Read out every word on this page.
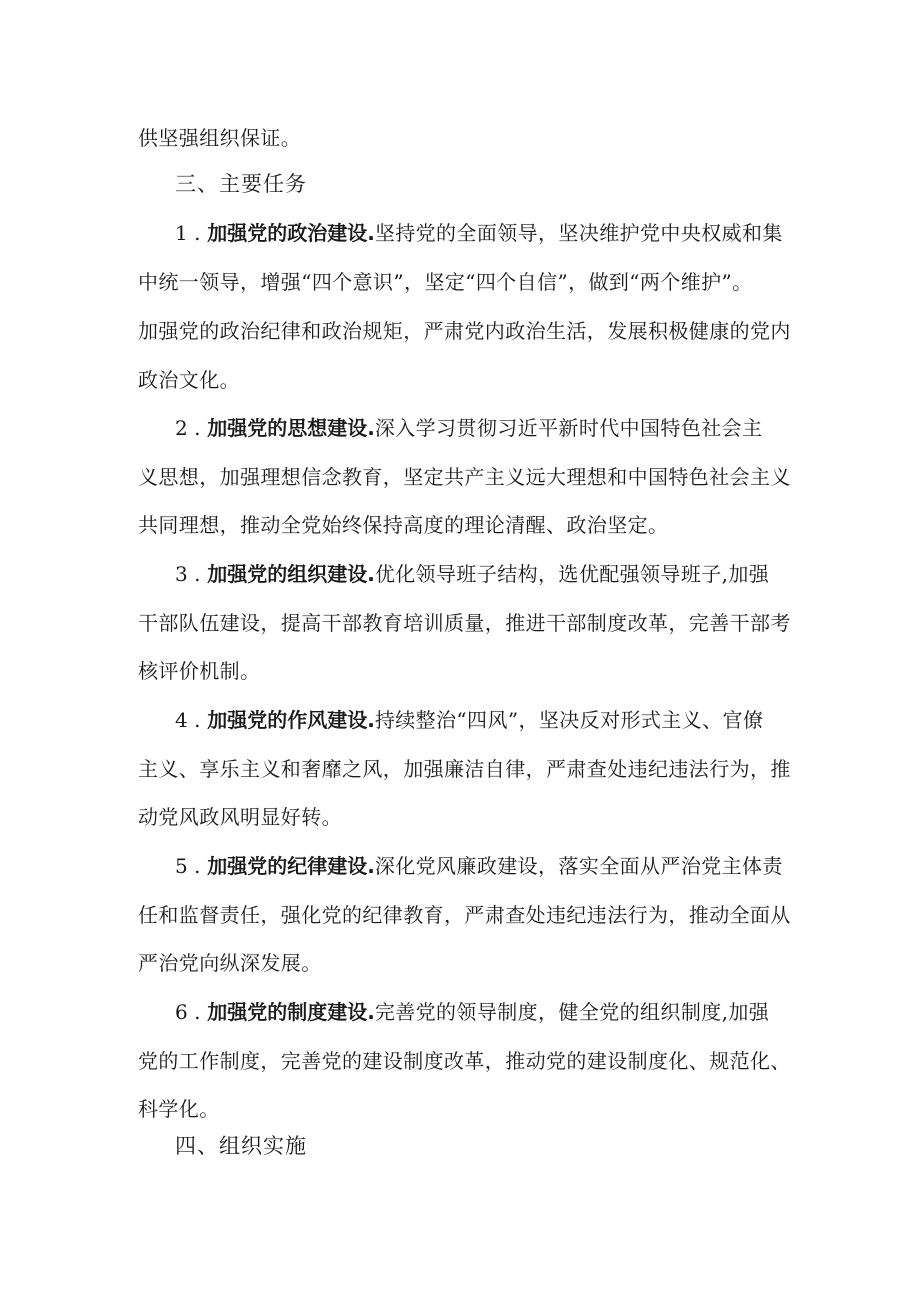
供坚强组织保证。
三、主要任务
1 . 加强党的政治建设.坚持党的全面领导，坚决维护党中央权威和集
中统一领导，增强“四个意识”，坚定“四个自信”，做到“两个维护”。
加强党的政治纪律和政治规矩，严肃党内政治生活，发展积极健康的党内
政治文化。
2 . 加强党的思想建设.深入学习贯彻习近平新时代中国特色社会主
义思想，加强理想信念教育，坚定共产主义远大理想和中国特色社会主义
共同理想，推动全党始终保持高度的理论清醒、政治坚定。
3 . 加强党的组织建设.优化领导班子结构，选优配强领导班子,加强
干部队伍建设，提高干部教育培训质量，推进干部制度改革，完善干部考
核评价机制。
4 . 加强党的作风建设.持续整治“四风”，坚决反对形式主义、官僚
主义、享乐主义和奢靡之风，加强廉洁自律，严肃查处违纪违法行为，推
动党风政风明显好转。
5 . 加强党的纪律建设.深化党风廉政建设，落实全面从严治党主体责
任和监督责任，强化党的纪律教育，严肃查处违纪违法行为，推动全面从
严治党向纵深发展。
6 . 加强党的制度建设.完善党的领导制度，健全党的组织制度,加强
党的工作制度，完善党的建设制度改革，推动党的建设制度化、规范化、
科学化。
四、组织实施
